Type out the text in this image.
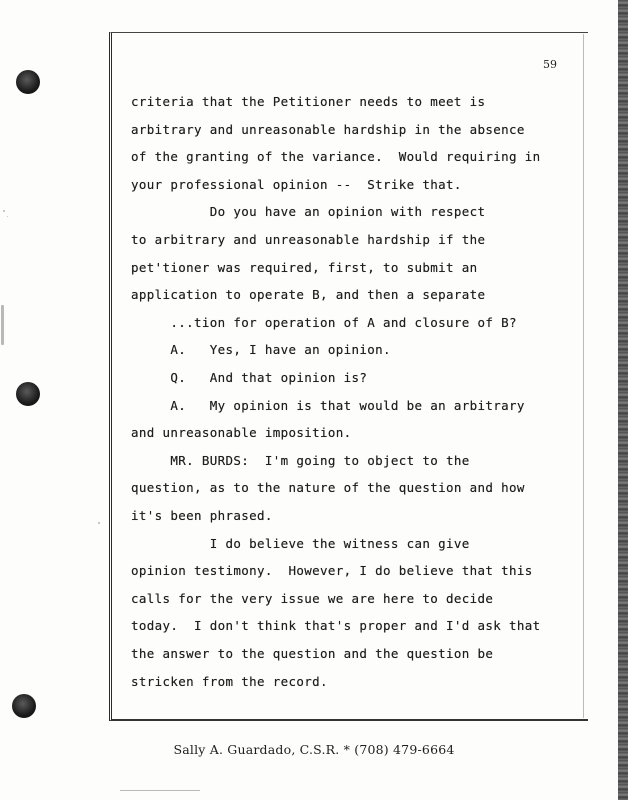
59
criteria that the Petitioner needs to meet is
arbitrary and unreasonable hardship in the absence
of the granting of the variance.  Would requiring in
your professional opinion --  Strike that.
Do you have an opinion with respect
to arbitrary and unreasonable hardship if the
pet'tioner was required, first, to submit an
application to operate B, and then a separate
...tion for operation of A and closure of B?
A.   Yes, I have an opinion.
Q.   And that opinion is?
A.   My opinion is that would be an arbitrary
and unreasonable imposition.
MR. BURDS:  I'm going to object to the
question, as to the nature of the question and how
it's been phrased.
I do believe the witness can give
opinion testimony.  However, I do believe that this
calls for the very issue we are here to decide
today.  I don't think that's proper and I'd ask that
the answer to the question and the question be
stricken from the record.
Sally A. Guardado, C.S.R. * (708) 479-6664
